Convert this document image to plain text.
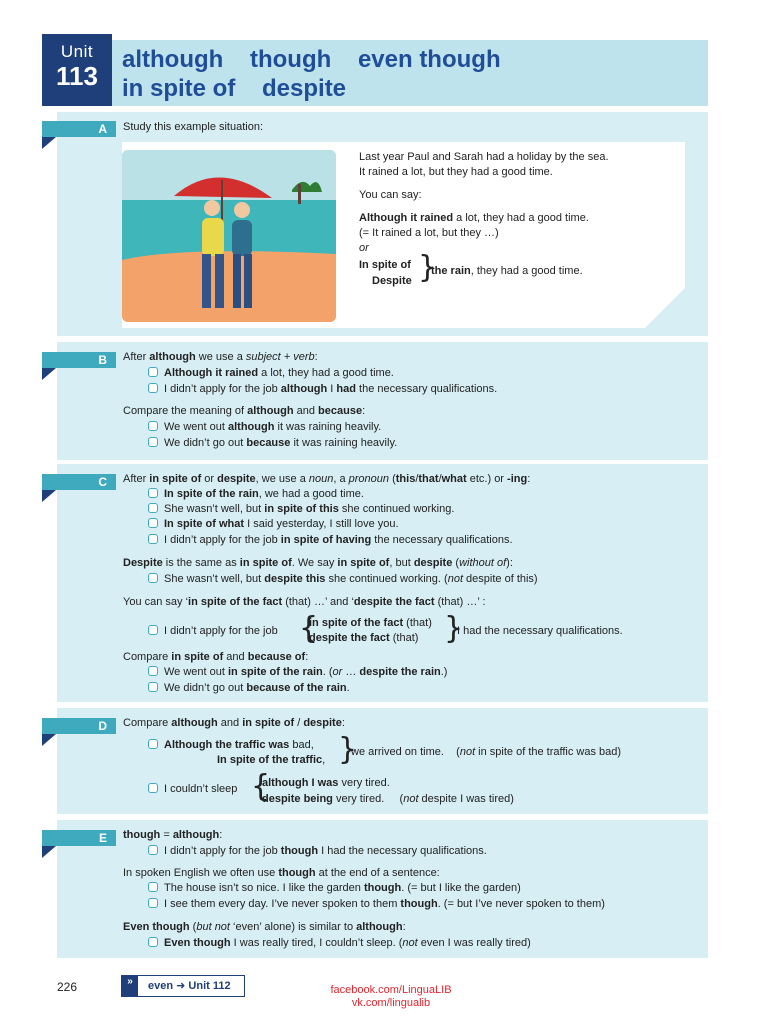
Unit
113
although    though    even though
in spite of    despite
A	Study this example situation:
Last year Paul and Sarah had a holiday by the sea.
It rained a lot, but they had a good time.
You can say:
Although it rained a lot, they had a good time.
(= It rained a lot, but they …)
or
In spite of
Despite }
the rain, they had a good time.
B	After although we use a subject + verb:
Although it rained a lot, they had a good time.
I didn’t apply for the job although I had the necessary qualifications.
Compare the meaning of although and because:
We went out although it was raining heavily.
We didn’t go out because it was raining heavily.
C	After in spite of or despite, we use a noun, a pronoun (this/that/what etc.) or -ing:
In spite of the rain, we had a good time.
She wasn’t well, but in spite of this she continued working.
In spite of what I said yesterday, I still love you.
I didn’t apply for the job in spite of having the necessary qualifications.
Despite is the same as in spite of. We say in spite of, but despite (without of):
She wasn’t well, but despite this she continued working. (not despite of this)
You can say ‘in spite of the fact (that) …’ and ‘despite the fact (that) …’ :
I didn’t apply for the job {
in spite of the fact (that)
despite the fact (that) }
I had the necessary qualifications.
Compare in spite of and because of:
We went out in spite of the rain. (or … despite the rain.)
We didn’t go out because of the rain.
D	Compare although and in spite of / despite:
Although the traffic was bad,
In spite of the traffic, }
we arrived on time.    (not in spite of the traffic was bad)
I couldn’t sleep {
although I was very tired.
despite being very tired.     (not despite I was tired)
E	though = although:
I didn’t apply for the job though I had the necessary qualifications.
In spoken English we often use though at the end of a sentence:
The house isn’t so nice. I like the garden though. (= but I like the garden)
I see them every day. I’ve never spoken to them though. (= but I’ve never spoken to them)
Even though (but not ‘even’ alone) is similar to although:
Even though I was really tired, I couldn’t sleep. (not even I was really tired)
226	»	even ➜ Unit 112	facebook.com/LinguaLIB
vk.com/lingualib
